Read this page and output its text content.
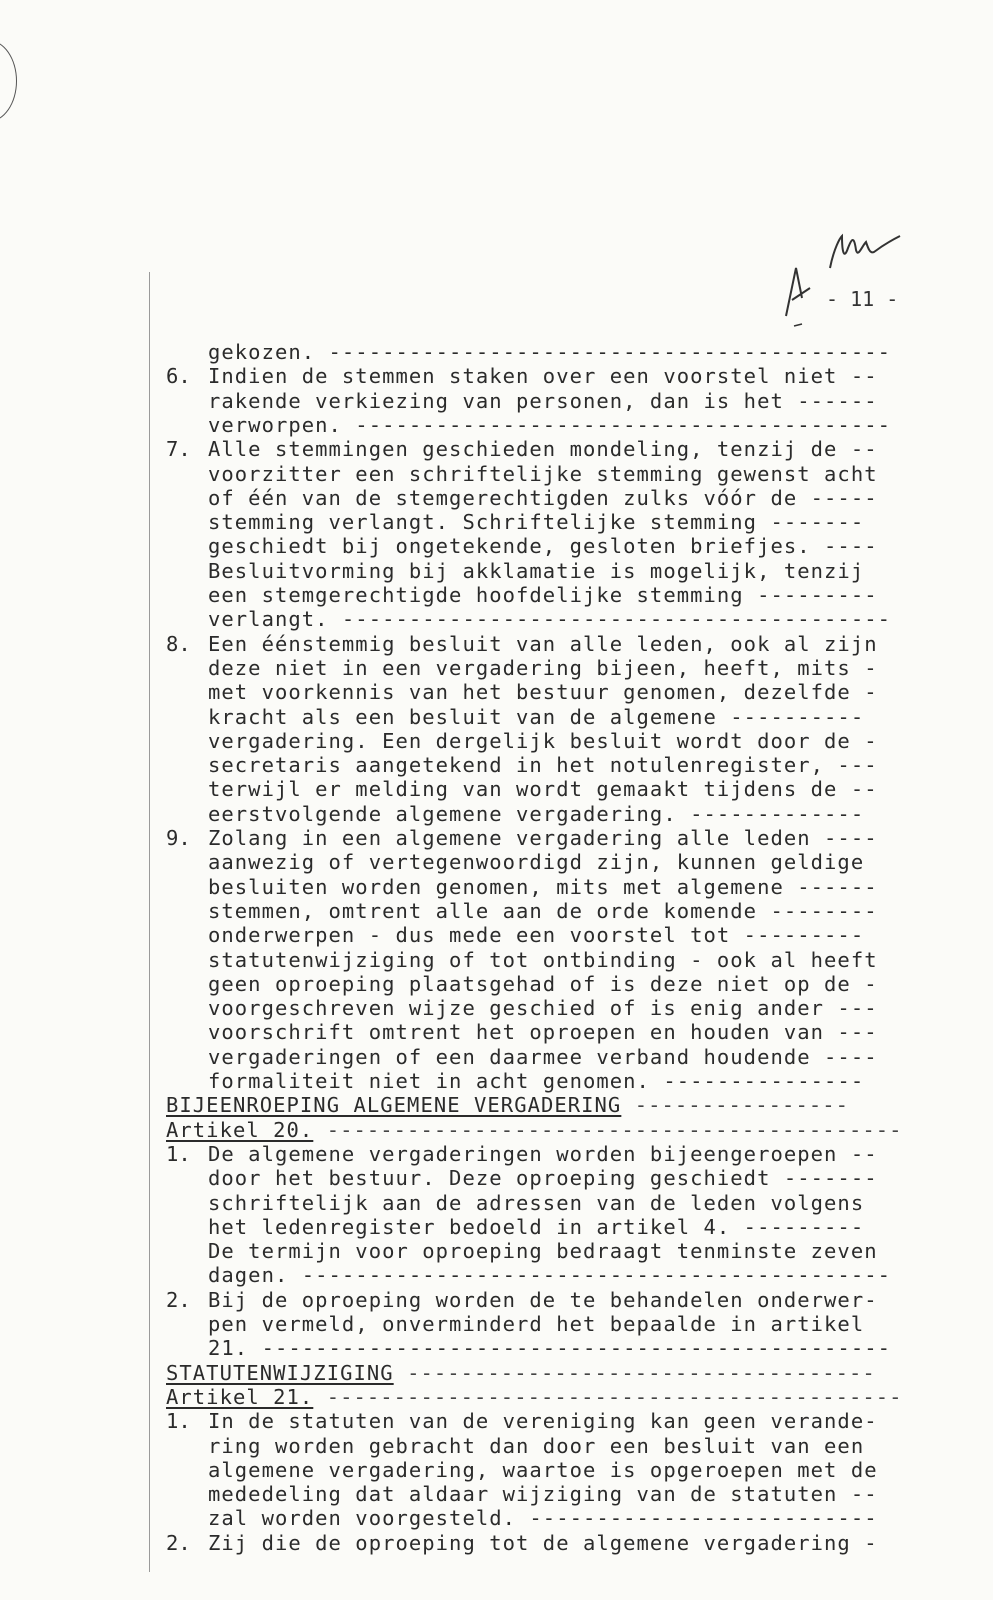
- 11 -
gekozen. ------------------------------------------
6. Indien de stemmen staken over een voorstel niet --
rakende verkiezing van personen, dan is het ------
verworpen. ----------------------------------------
7. Alle stemmingen geschieden mondeling, tenzij de --
voorzitter een schriftelijke stemming gewenst acht
of één van de stemgerechtigden zulks vóór de -----
stemming verlangt. Schriftelijke stemming -------
geschiedt bij ongetekende, gesloten briefjes. ----
Besluitvorming bij akklamatie is mogelijk, tenzij
een stemgerechtigde hoofdelijke stemming ---------
verlangt. -----------------------------------------
8. Een éénstemmig besluit van alle leden, ook al zijn
deze niet in een vergadering bijeen, heeft, mits -
met voorkennis van het bestuur genomen, dezelfde -
kracht als een besluit van de algemene ----------
vergadering. Een dergelijk besluit wordt door de -
secretaris aangetekend in het notulenregister, ---
terwijl er melding van wordt gemaakt tijdens de --
eerstvolgende algemene vergadering. -------------
9. Zolang in een algemene vergadering alle leden ----
aanwezig of vertegenwoordigd zijn, kunnen geldige
besluiten worden genomen, mits met algemene ------
stemmen, omtrent alle aan de orde komende --------
onderwerpen - dus mede een voorstel tot ---------
statutenwijziging of tot ontbinding - ook al heeft
geen oproeping plaatsgehad of is deze niet op de -
voorgeschreven wijze geschied of is enig ander ---
voorschrift omtrent het oproepen en houden van ---
vergaderingen of een daarmee verband houdende ----
formaliteit niet in acht genomen. ---------------
BIJEENROEPING ALGEMENE VERGADERING ----------------
Artikel 20. -------------------------------------------
1. De algemene vergaderingen worden bijeengeroepen --
door het bestuur. Deze oproeping geschiedt -------
schriftelijk aan de adressen van de leden volgens
het ledenregister bedoeld in artikel 4. ---------
De termijn voor oproeping bedraagt tenminste zeven
dagen. --------------------------------------------
2. Bij de oproeping worden de te behandelen onderwer-
pen vermeld, onverminderd het bepaalde in artikel
21. -----------------------------------------------
STATUTENWIJZIGING -----------------------------------
Artikel 21. -------------------------------------------
1. In de statuten van de vereniging kan geen verande-
ring worden gebracht dan door een besluit van een
algemene vergadering, waartoe is opgeroepen met de
mededeling dat aldaar wijziging van de statuten --
zal worden voorgesteld. --------------------------
2. Zij die de oproeping tot de algemene vergadering -
